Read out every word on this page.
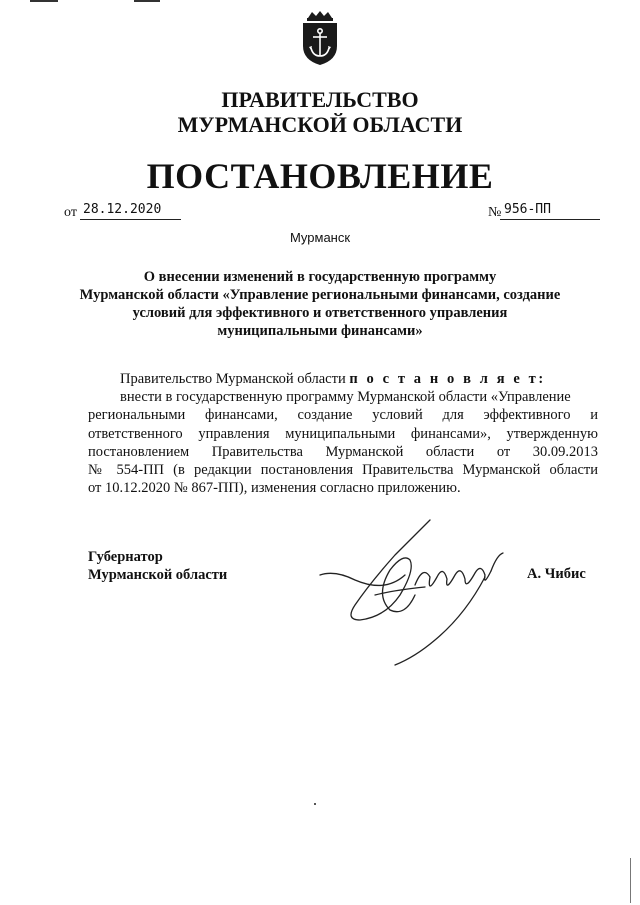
ПРАВИТЕЛЬСТВО
МУРМАНСКОЙ ОБЛАСТИ
ПОСТАНОВЛЕНИЕ
от 28.12.2020	№ 956-ПП
Мурманск
О внесении изменений в государственную программу
Мурманской области «Управление региональными финансами, создание
условий для эффективного и ответственного управления
муниципальными финансами»
Правительство Мурманской области п о с т а н о в л я е т:
внести в государственную программу Мурманской области «Управление
региональными финансами, создание условий для эффективного и
ответственного управления муниципальными финансами», утвержденную
постановлением Правительства Мурманской области от 30.09.2013
№ 554-ПП (в редакции постановления Правительства Мурманской области
от 10.12.2020 № 867-ПП), изменения согласно приложению.
Губернатор
Мурманской области	А. Чибис
